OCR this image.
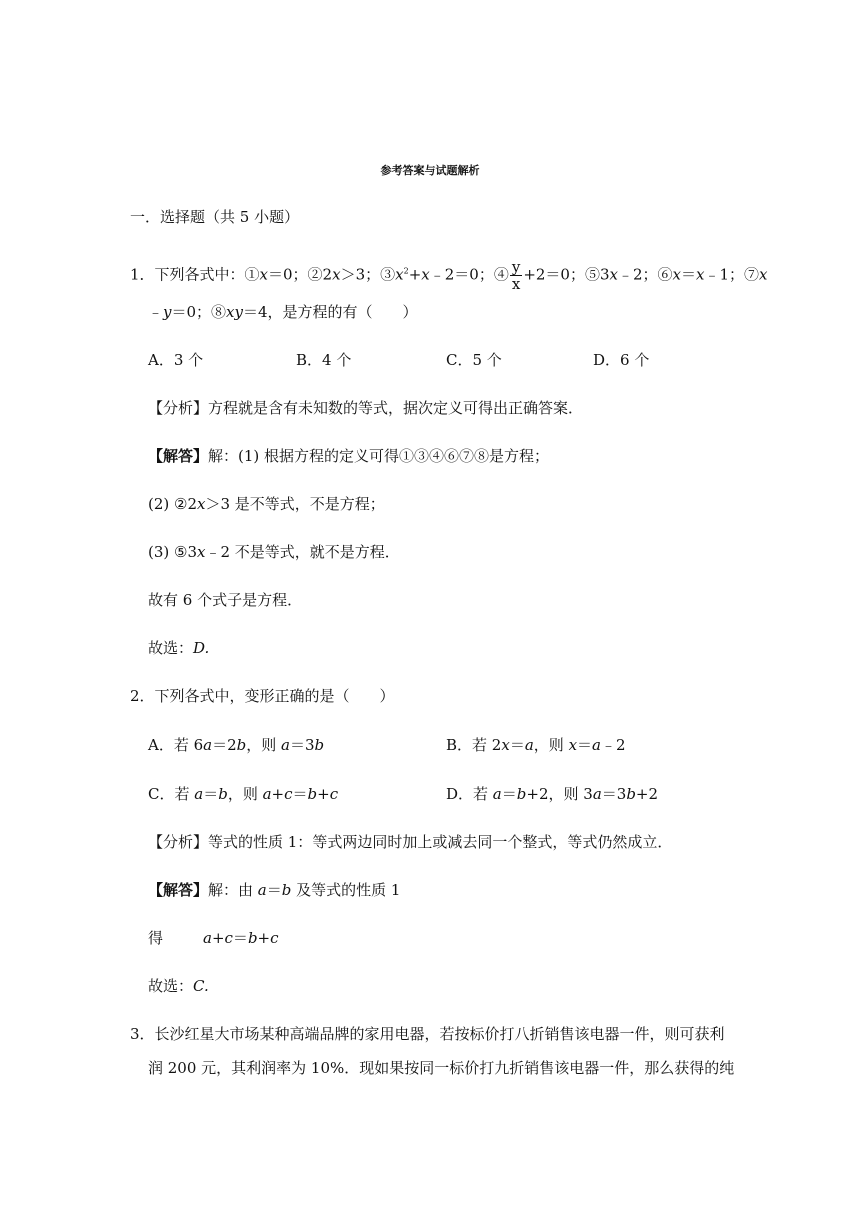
参考答案与试题解析
一．选择题（共 5 小题）
1．下列各式中：①x＝0；②2x＞3；$③x^2+x﹣2=0$；④ $\frac{y}{x} +2=0$；⑤3x﹣2；⑥x＝x﹣1；⑦x
﹣y＝0；⑧xy＝4，是方程的有（　　）
A．3 个	B．4 个	C．5 个	D．6 个
【分析】方程就是含有未知数的等式，据次定义可得出正确答案．
【解答】解：(1) 根据方程的定义可得①③④⑥⑦⑧是方程；
(2) ②2x＞3 是不等式，不是方程；
(3) ⑤3x﹣2 不是等式，就不是方程．
故有 6 个式子是方程．
故选：D.
2．下列各式中，变形正确的是（　　）
A．若 6a＝2b，则 a＝3b	B．若 2x＝a，则 x＝a﹣2
C．若 a＝b，则 a+c＝b+c	D．若 a＝b+2，则 3a＝3b+2
【分析】等式的性质 1：等式两边同时加上或减去同一个整式，等式仍然成立．
【解答】解：由 a＝b 及等式的性质 1
得	a+c＝b+c
故选：C.
3．长沙红星大市场某种高端品牌的家用电器，若按标价打八折销售该电器一件，则可获利
润 200 元，其利润率为 10%．现如果按同一标价打九折销售该电器一件，那么获得的纯
